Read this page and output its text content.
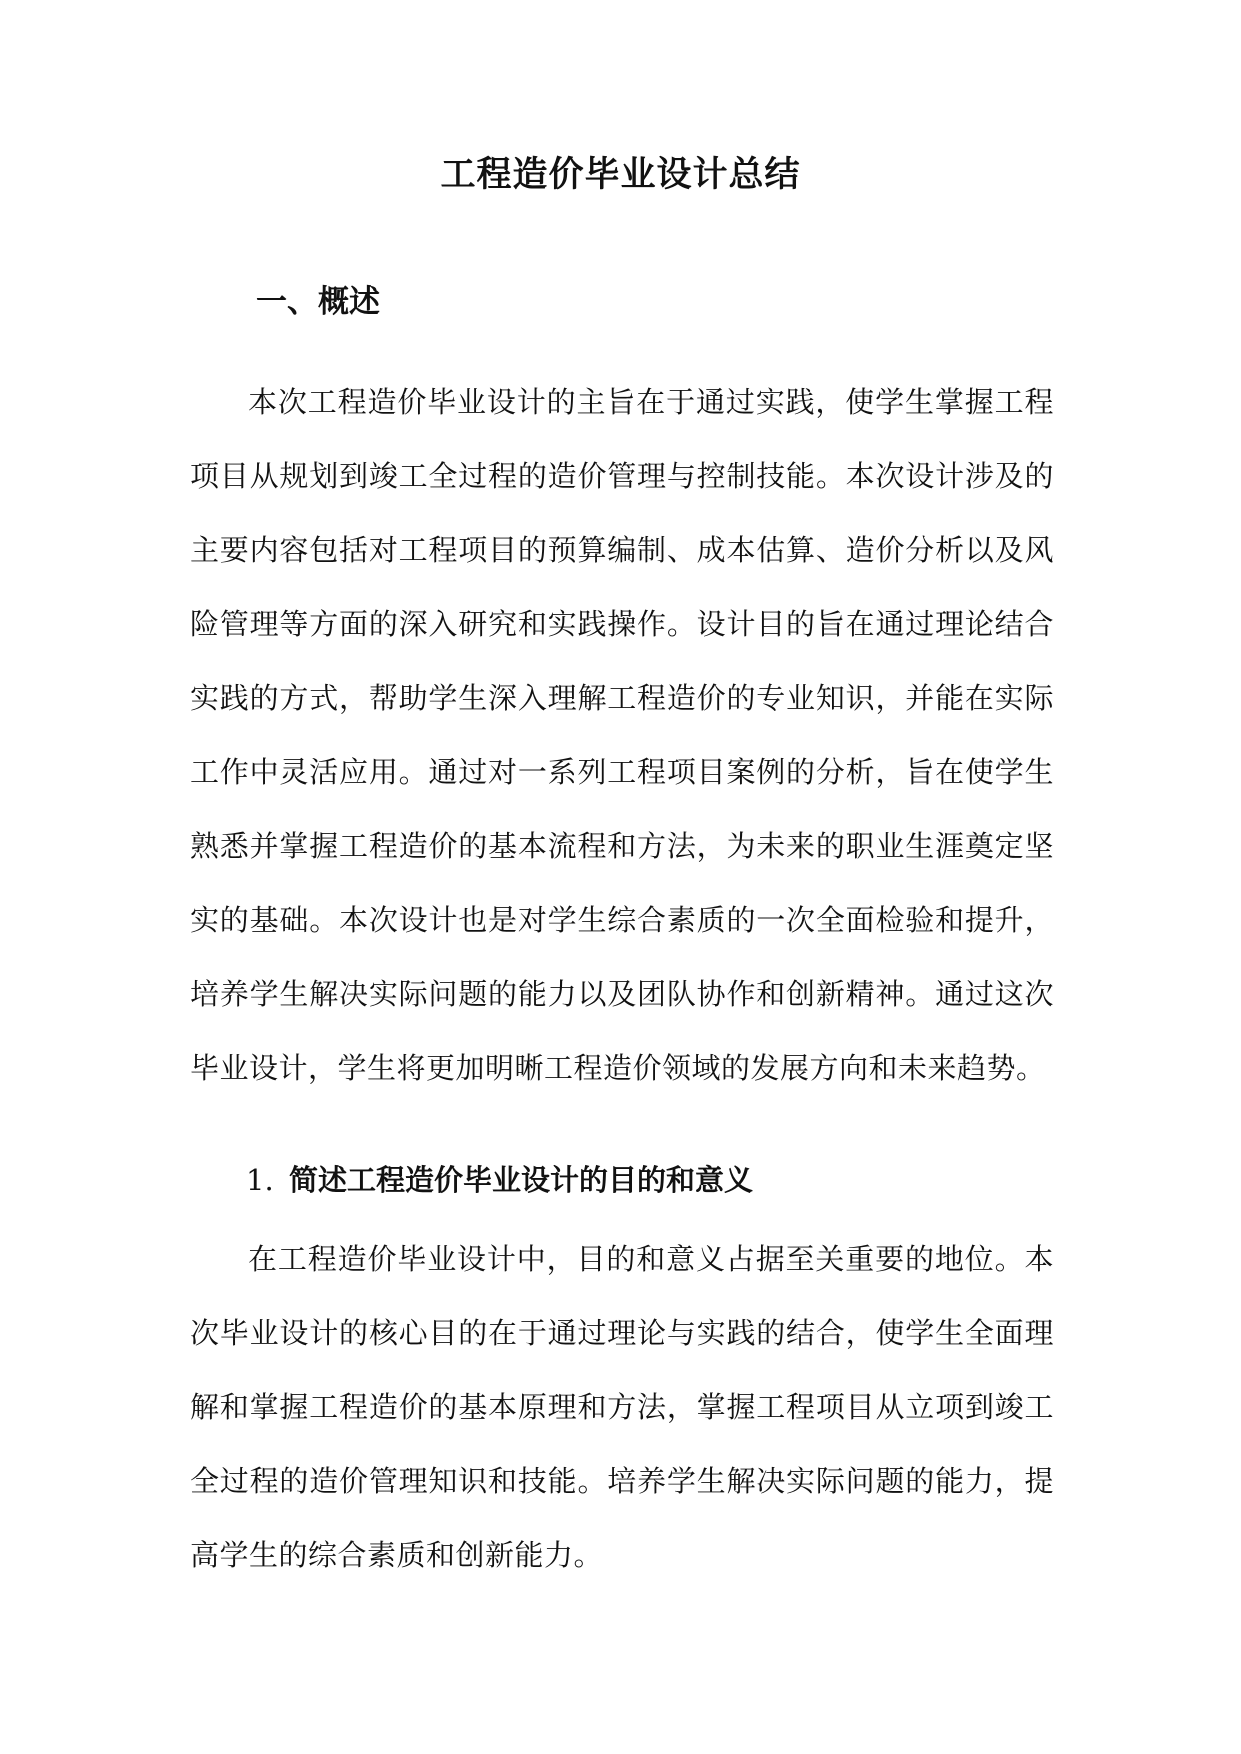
工程造价毕业设计总结
一、概述

本次工程造价毕业设计的主旨在于通过实践，使学生掌握工程项目从规划到竣工全过程的造价管理与控制技能。本次设计涉及的主要内容包括对工程项目的预算编制、成本估算、造价分析以及风险管理等方面的深入研究和实践操作。设计目的旨在通过理论结合实践的方式，帮助学生深入理解工程造价的专业知识，并能在实际工作中灵活应用。通过对一系列工程项目案例的分析，旨在使学生熟悉并掌握工程造价的基本流程和方法，为未来的职业生涯奠定坚实的基础。本次设计也是对学生综合素质的一次全面检验和提升，培养学生解决实际问题的能力以及团队协作和创新精神。通过这次毕业设计，学生将更加明晰工程造价领域的发展方向和未来趋势。

1. 简述工程造价毕业设计的目的和意义

在工程造价毕业设计中，目的和意义占据至关重要的地位。本次毕业设计的核心目的在于通过理论与实践的结合，使学生全面理解和掌握工程造价的基本原理和方法，掌握工程项目从立项到竣工全过程的造价管理知识和技能。培养学生解决实际问题的能力，提高学生的综合素质和创新能力。
